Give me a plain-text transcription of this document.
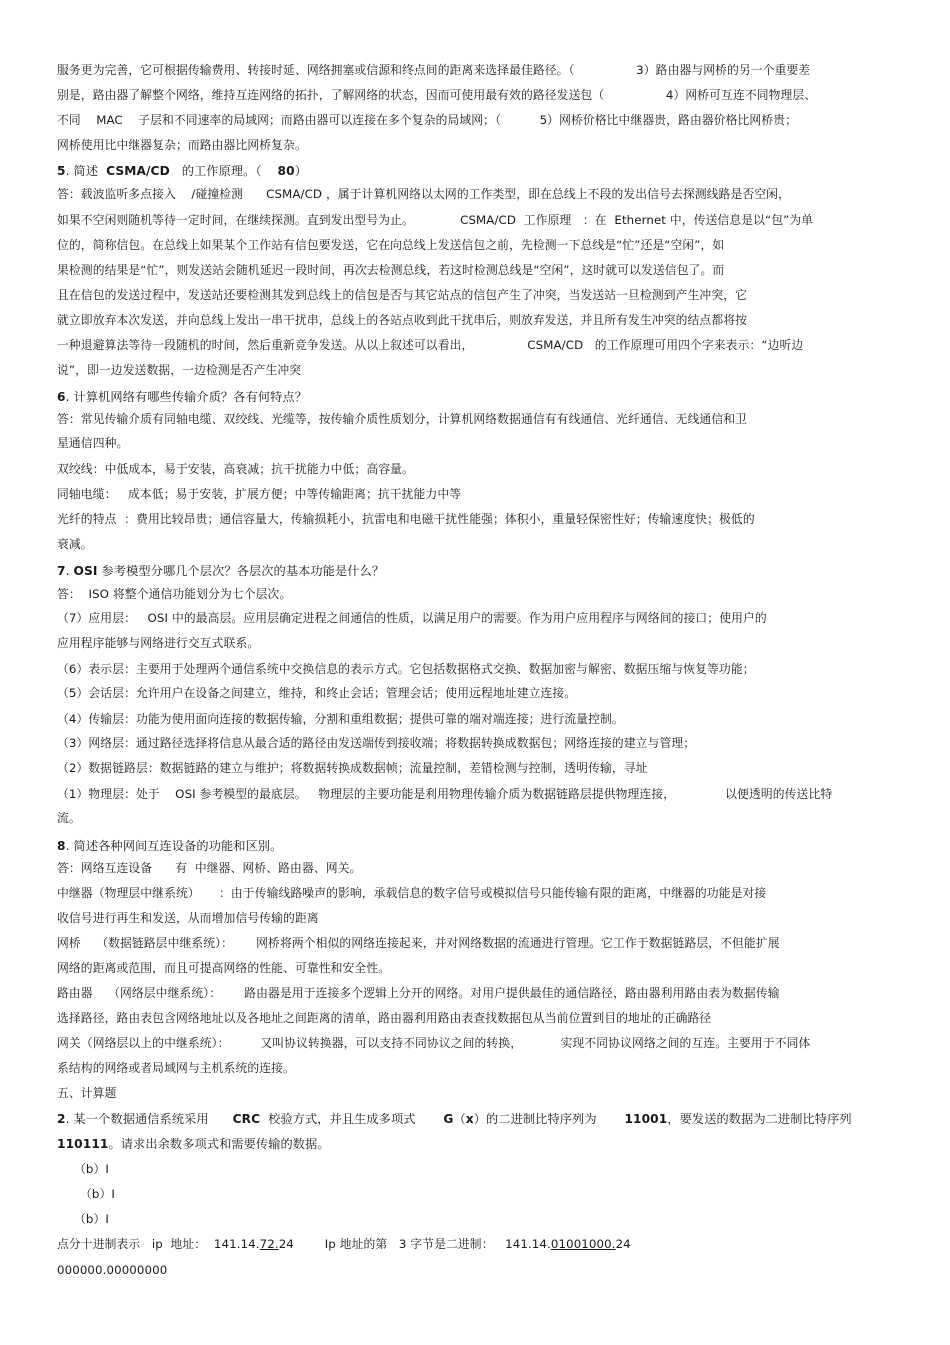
服务更为完善，它可根据传输费用、转接时延、网络拥塞或信源和终点间的距离来选择最佳路径。（                3）路由器与网桥的另一个重要差
别是，路由器了解整个网络，维持互连网络的拓扑，了解网络的状态，因而可使用最有效的路径发送包（                4）网桥可互连不同物理层、
不同    MAC    子层和不同速率的局域网；而路由器可以连接在多个复杂的局域网；（          5）网桥价格比中继器贵，路由器价格比网桥贵；
网桥使用比中继器复杂；而路由器比网桥复杂。
5. 简述  CSMA/CD   的工作原理。（    80）
答：载波监听多点接入    /碰撞检测      CSMA/CD ，属于计算机网络以太网的工作类型，即在总线上不段的发出信号去探测线路是否空闲，
如果不空闲则随机等待一定时间，在继续探测。直到发出型号为止。            CSMA/CD  工作原理   ：在  Ethernet 中，传送信息是以“包”为单
位的，简称信包。在总线上如果某个工作站有信包要发送，它在向总线上发送信包之前，先检测一下总线是“忙”还是“空闲”，如
果检测的结果是“忙”，则发送站会随机延迟一段时间，再次去检测总线，若这时检测总线是“空闲”，这时就可以发送信包了。而
且在信包的发送过程中，发送站还要检测其发到总线上的信包是否与其它站点的信包产生了冲突，当发送站一旦检测到产生冲突，它
就立即放弃本次发送，并向总线上发出一串干扰串，总线上的各站点收到此干扰串后，则放弃发送，并且所有发生冲突的结点都将按
一种退避算法等待一段随机的时间，然后重新竞争发送。从以上叙述可以看出，              CSMA/CD   的工作原理可用四个字来表示：“边听边
说”，即一边发送数据，一边检测是否产生冲突
6. 计算机网络有哪些传输介质？各有何特点？
答：常见传输介质有同轴电缆、双绞线、光缆等，按传输介质性质划分，计算机网络数据通信有有线通信、光纤通信、无线通信和卫
星通信四种。
双绞线：中低成本，易于安装，高衰减；抗干扰能力中低；高容量。
同轴电缆：   成本低；易于安装，扩展方便；中等传输距离；抗干扰能力中等
光纤的特点  ：费用比较昂贵；通信容量大，传输损耗小，抗雷电和电磁干扰性能强；体积小，重量轻保密性好；传输速度快；极低的
衰减。
7. OSI 参考模型分哪几个层次？各层次的基本功能是什么？
答：  ISO 将整个通信功能划分为七个层次。
（7）应用层：   OSI 中的最高层。应用层确定进程之间通信的性质，以满足用户的需要。作为用户应用程序与网络间的接口；使用户的
应用程序能够与网络进行交互式联系。
（6）表示层：主要用于处理两个通信系统中交换信息的表示方式。它包括数据格式交换、数据加密与解密、数据压缩与恢复等功能；
（5）会话层：允许用户在设备之间建立，维持，和终止会话；管理会话；使用远程地址建立连接。
（4）传输层：功能为使用面向连接的数据传输，分割和重组数据；提供可靠的端对端连接；进行流量控制。
（3）网络层：通过路径选择将信息从最合适的路径由发送端传到接收端；将数据转换成数据包；网络连接的建立与管理；
（2）数据链路层：数据链路的建立与维护；将数据转换成数据帧；流量控制，差错检测与控制，透明传输，寻址
（1）物理层：处于    OSI 参考模型的最底层。   物理层的主要功能是利用物理传输介质为数据链路层提供物理连接，             以便透明的传送比特
流。
8. 简述各种网间互连设备的功能和区别。
答：网络互连设备      有  中继器、网桥、路由器、网关。
中继器（物理层中继系统）     ：由于传输线路噪声的影响，承载信息的数字信号或模拟信号只能传输有限的距离，中继器的功能是对接
收信号进行再生和发送，从而增加信号传输的距离
网桥    （数据链路层中继系统）：      网桥将两个相似的网络连接起来，并对网络数据的流通进行管理。它工作于数据链路层，不但能扩展
网络的距离或范围，而且可提高网络的性能、可靠性和安全性。
路由器    （网络层中继系统）：      路由器是用于连接多个逻辑上分开的网络。对用户提供最佳的通信路径，路由器利用路由表为数据传输
选择路径，路由表包含网络地址以及各地址之间距离的清单，路由器利用路由表查找数据包从当前位置到目的地址的正确路径
网关（网络层以上的中继系统）：        又叫协议转换器，可以支持不同协议之间的转换，          实现不同协议网络之间的互连。主要用于不同体
系结构的网络或者局域网与主机系统的连接。
五、计算题
2. 某一个数据通信系统采用      CRC  校验方式，并且生成多项式       G（x）的二进制比特序列为       11001，要发送的数据为二进制比特序列
110111。请求出余数多项式和需要传输的数据。
（b）I
（b）I
（b）I
点分十进制表示   ip  地址：  141.14.72.24        Ip 地址的第   3 字节是二进制：   141.14.01001000.24
000000.00000000
